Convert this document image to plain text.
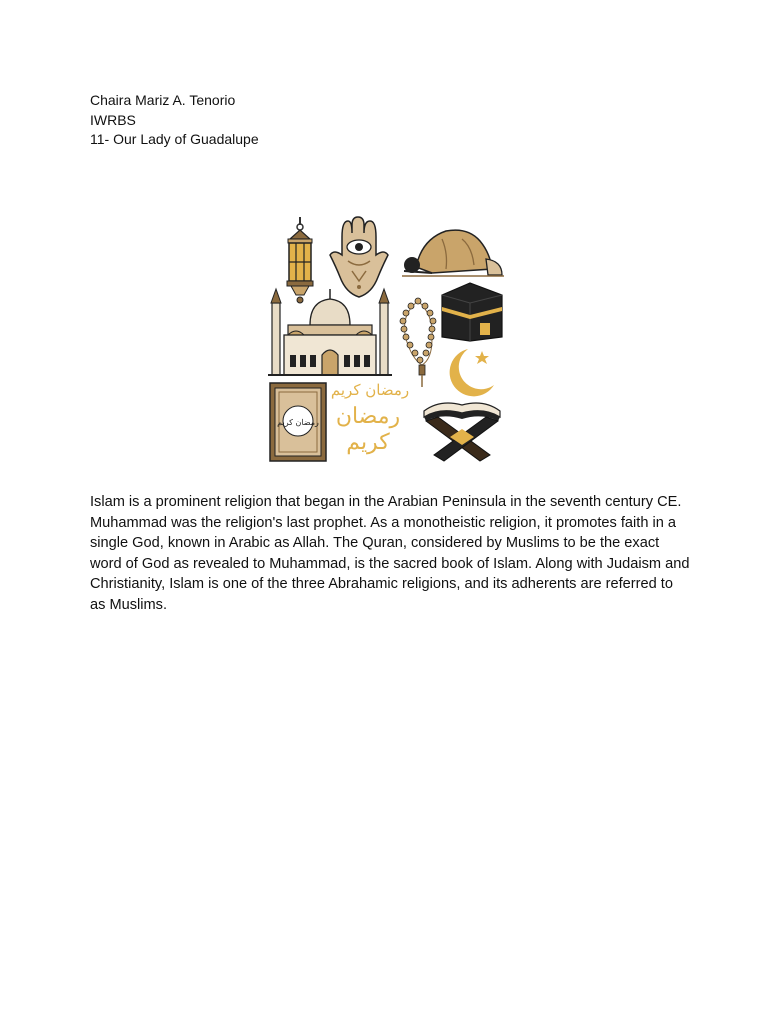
Chaira Mariz A. Tenorio
IWRBS
11- Our Lady of Guadalupe
رمضان كريم
رمضان كريم
رمضان
كريم

Islam is a prominent religion that began in the Arabian Peninsula in the seventh century CE. Muhammad was the religion's last prophet. As a monotheistic religion, it promotes faith in a single God, known in Arabic as Allah. The Quran, considered by Muslims to be the exact word of God as revealed to Muhammad, is the sacred book of Islam. Along with Judaism and Christianity, Islam is one of the three Abrahamic religions, and its adherents are referred to as Muslims.
